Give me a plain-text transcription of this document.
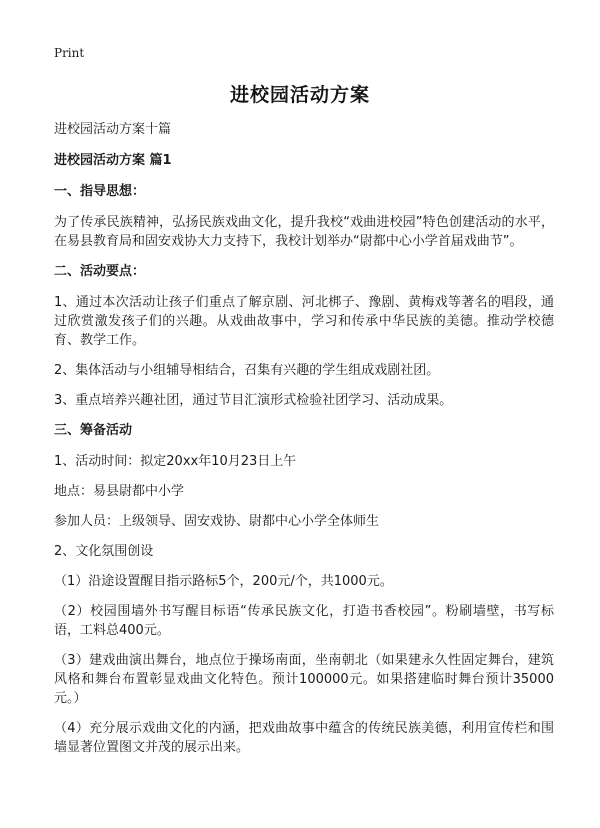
Print
进校园活动方案

进校园活动方案十篇

进校园活动方案 篇1

一、指导思想：

为了传承民族精神，弘扬民族戏曲文化，提升我校“戏曲进校园”特色创建活动的水平，在易县教育局和固安戏协大力支持下，我校计划举办“尉都中心小学首届戏曲节”。

二、活动要点：

1、通过本次活动让孩子们重点了解京剧、河北梆子、豫剧、黄梅戏等著名的唱段，通过欣赏激发孩子们的兴趣。从戏曲故事中，学习和传承中华民族的美德。推动学校德育、教学工作。

2、集体活动与小组辅导相结合，召集有兴趣的学生组成戏剧社团。

3、重点培养兴趣社团，通过节目汇演形式检验社团学习、活动成果。

三、筹备活动

1、活动时间：拟定20xx年10月23日上午

地点：易县尉都中小学

参加人员：上级领导、固安戏协、尉都中心小学全体师生

2、文化氛围创设

（1）沿途设置醒目指示路标5个，200元/个，共1000元。

（2）校园围墙外书写醒目标语“传承民族文化，打造书香校园”。粉刷墙壁，书写标语，工料总400元。

（3）建戏曲演出舞台，地点位于操场南面，坐南朝北（如果建永久性固定舞台，建筑风格和舞台布置彰显戏曲文化特色。预计100000元。如果搭建临时舞台预计35000元。）

（4）充分展示戏曲文化的内涵，把戏曲故事中蕴含的传统民族美德，利用宣传栏和围墙显著位置图文并茂的展示出来。
